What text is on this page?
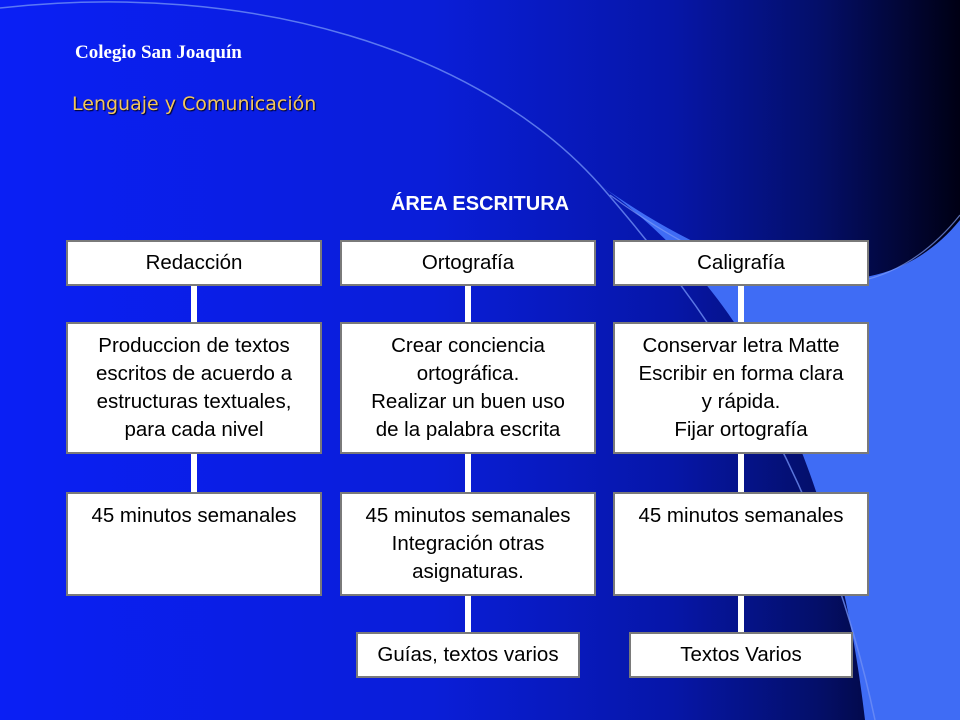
Colegio San Joaquín
Lenguaje y Comunicación
ÁREA ESCRITURA
Redacción
Produccion de textos
escritos de acuerdo a
estructuras textuales,
para cada nivel
45 minutos semanales
Ortografía
Crear conciencia
ortográfica.
Realizar un buen uso
de la palabra escrita
45 minutos semanales
Integración otras
asignaturas.
Guías, textos varios
Caligrafía
Conservar letra Matte
Escribir en forma clara
y rápida.
Fijar ortografía
45 minutos semanales
Textos Varios
